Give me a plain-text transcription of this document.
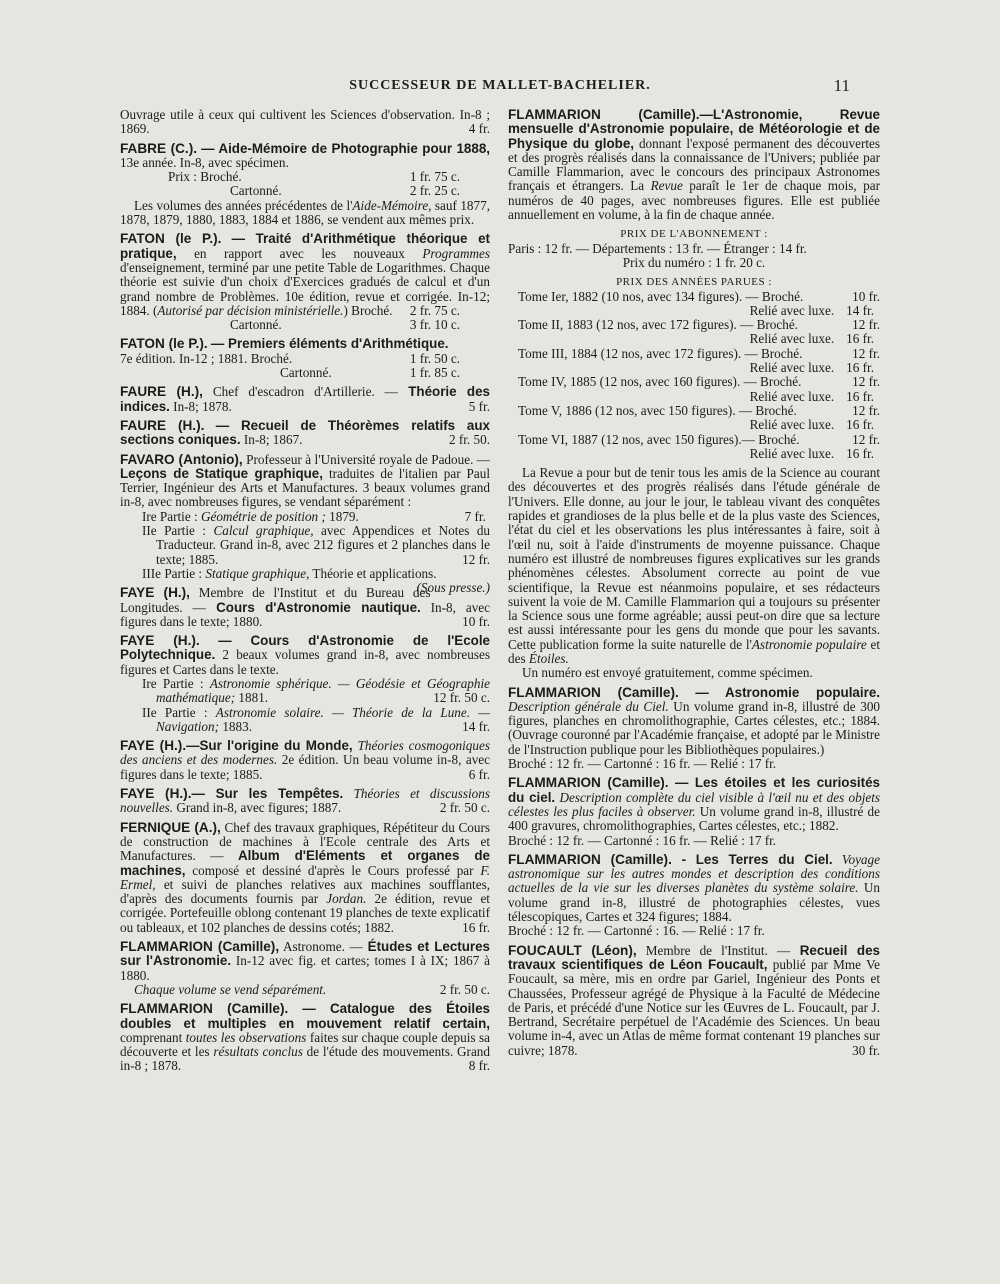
SUCCESSEUR DE MALLET-BACHELIER.	11
Ouvrage utile à ceux qui cultivent les Sciences d'observation. In-8 ; 1869.	4 fr.
FABRE (C.). — Aide-Mémoire de Photographie pour 1888, 13e année. In-8, avec spécimen.
Prix : Broché.	1 fr. 75 c.
Cartonné.	2 fr. 25 c.
Les volumes des années précédentes de l'Aide-Mémoire, sauf 1877, 1878, 1879, 1880, 1883, 1884 et 1886, se vendent aux mêmes prix.
FATON (le P.). — Traité d'Arithmétique théorique et pratique, en rapport avec les nouveaux Programmes d'enseignement, terminé par une petite Table de Logarithmes. Chaque théorie est suivie d'un choix d'Exercices gradués de calcul et d'un grand nombre de Problèmes. 10e édition, revue et corrigée. In-12; 1884. (Autorisé par décision ministérielle.) Broché. 2 fr. 75 c.
Cartonné.	3 fr. 10 c.
FATON (le P.). — Premiers éléments d'Arithmétique.
7e édition. In-12 ; 1881. Broché.	1 fr. 50 c.
Cartonné.	1 fr. 85 c.
FAURE (H.), Chef d'escadron d'Artillerie. — Théorie des indices. In-8; 1878.	5 fr.
FAURE (H.). — Recueil de Théorèmes relatifs aux sections coniques. In-8; 1867.	2 fr. 50.
FAVARO (Antonio), Professeur à l'Université royale de Padoue. — Leçons de Statique graphique, traduites de l'italien par Paul Terrier, Ingénieur des Arts et Manufactures. 3 beaux volumes grand in-8, avec nombreuses figures, se vendant séparément :
Ire Partie : Géométrie de position ; 1879.	7 fr.
IIe Partie : Calcul graphique, avec Appendices et Notes du Traducteur. Grand in-8, avec 212 figures et 2 planches dans le texte; 1885.	12 fr.
IIIe Partie : Statique graphique, Théorie et applications.
(Sous presse.)
FAYE (H.), Membre de l'Institut et du Bureau des Longitudes. — Cours d'Astronomie nautique. In-8, avec figures dans le texte; 1880.	10 fr.
FAYE (H.). — Cours d'Astronomie de l'Ecole Polytechnique. 2 beaux volumes grand in-8, avec nombreuses figures et Cartes dans le texte.
Ire Partie : Astronomie sphérique. — Géodésie et Géographie mathématique; 1881.	12 fr. 50 c.
IIe Partie : Astronomie solaire. — Théorie de la Lune. — Navigation; 1883.	14 fr.
FAYE (H.).—Sur l'origine du Monde, Théories cosmogoniques des anciens et des modernes. 2e édition. Un beau volume in-8, avec figures dans le texte; 1885.	6 fr.
FAYE (H.).— Sur les Tempêtes. Théories et discussions nouvelles. Grand in-8, avec figures; 1887.	2 fr. 50 c.
FERNIQUE (A.), Chef des travaux graphiques, Répétiteur du Cours de construction de machines à l'Ecole centrale des Arts et Manufactures. — Album d'Eléments et organes de machines, composé et dessiné d'après le Cours professé par F. Ermel, et suivi de planches relatives aux machines soufflantes, d'après des documents fournis par Jordan. 2e édition, revue et corrigée. Portefeuille oblong contenant 19 planches de texte explicatif ou tableaux, et 102 planches de dessins cotés; 1882.	16 fr.
FLAMMARION (Camille), Astronome. — Études et Lectures sur l'Astronomie. In-12 avec fig. et cartes; tomes I à IX; 1867 à 1880.
Chaque volume se vend séparément.	2 fr. 50 c.
FLAMMARION (Camille). — Catalogue des Étoiles doubles et multiples en mouvement relatif certain, comprenant toutes les observations faites sur chaque couple depuis sa découverte et les résultats conclus de l'étude des mouvements. Grand in-8 ; 1878.	8 fr.
FLAMMARION (Camille).—L'Astronomie, Revue mensuelle d'Astronomie populaire, de Météorologie et de Physique du globe, donnant l'exposé permanent des découvertes et des progrès réalisés dans la connaissance de l'Univers; publiée par Camille Flammarion, avec le concours des principaux Astronomes français et étrangers. La Revue paraît le 1er de chaque mois, par numéros de 40 pages, avec nombreuses figures. Elle est publiée annuellement en volume, à la fin de chaque année.
PRIX DE L'ABONNEMENT :
Paris : 12 fr. — Départements : 13 fr. — Étranger : 14 fr.
Prix du numéro : 1 fr. 20 c.
PRIX DES ANNÉES PARUES :
Tome Ier, 1882 (10 nos, avec 134 figures). — Broché.	10 fr.
Relié avec luxe. 14 fr.
Tome II, 1883 (12 nos, avec 172 figures). — Broché.	12 fr.
Relié avec luxe. 16 fr.
Tome III, 1884 (12 nos, avec 172 figures). — Broché.	12 fr.
Relié avec luxe. 16 fr.
Tome IV, 1885 (12 nos, avec 160 figures). — Broché.	12 fr.
Relié avec luxe. 16 fr.
Tome V, 1886 (12 nos, avec 150 figures). — Broché.	12 fr.
Relié avec luxe. 16 fr.
Tome VI, 1887 (12 nos, avec 150 figures).— Broché.	12 fr.
Relié avec luxe. 16 fr.
La Revue a pour but de tenir tous les amis de la Science au courant des découvertes et des progrès réalisés dans l'étude générale de l'Univers. Elle donne, au jour le jour, le tableau vivant des conquêtes rapides et grandioses de la plus belle et de la plus vaste des Sciences, l'état du ciel et les observations les plus intéressantes à faire, soit à l'œil nu, soit à l'aide d'instruments de moyenne puissance. Chaque numéro est illustré de nombreuses figures explicatives sur les grands phénomènes célestes. Absolument correcte au point de vue scientifique, la Revue est néanmoins populaire, et ses rédacteurs suivent la voie de M. Camille Flammarion qui a toujours su présenter la Science sous une forme agréable; aussi peut-on dire que sa lecture est aussi intéressante pour les gens du monde que pour les savants. Cette publication forme la suite naturelle de l'Astronomie populaire et des Étoiles.
Un numéro est envoyé gratuitement, comme spécimen.
FLAMMARION (Camille). — Astronomie populaire. Description générale du Ciel. Un volume grand in-8, illustré de 300 figures, planches en chromolithographie, Cartes célestes, etc.; 1884. (Ouvrage couronné par l'Académie française, et adopté par le Ministre de l'Instruction publique pour les Bibliothèques populaires.)
Broché : 12 fr. — Cartonné : 16 fr. — Relié : 17 fr.
FLAMMARION (Camille). — Les étoiles et les curiosités du ciel. Description complète du ciel visible à l'œil nu et des objets célestes les plus faciles à observer. Un volume grand in-8, illustré de 400 gravures, chromolithographies, Cartes célestes, etc.; 1882.
Broché : 12 fr. — Cartonné : 16 fr. — Relié : 17 fr.
FLAMMARION (Camille). - Les Terres du Ciel. Voyage astronomique sur les autres mondes et description des conditions actuelles de la vie sur les diverses planètes du système solaire. Un volume grand in-8, illustré de photographies célestes, vues télescopiques, Cartes et 324 figures; 1884.
Broché : 12 fr. — Cartonné : 16. — Relié : 17 fr.
FOUCAULT (Léon), Membre de l'Institut. — Recueil des travaux scientifiques de Léon Foucault, publié par Mme Ve Foucault, sa mère, mis en ordre par Gariel, Ingénieur des Ponts et Chaussées, Professeur agrégé de Physique à la Faculté de Médecine de Paris, et précédé d'une Notice sur les Œuvres de L. Foucault, par J. Bertrand, Secrétaire perpétuel de l'Académie des Sciences. Un beau volume in-4, avec un Atlas de même format contenant 19 planches sur cuivre; 1878.	30 fr.
